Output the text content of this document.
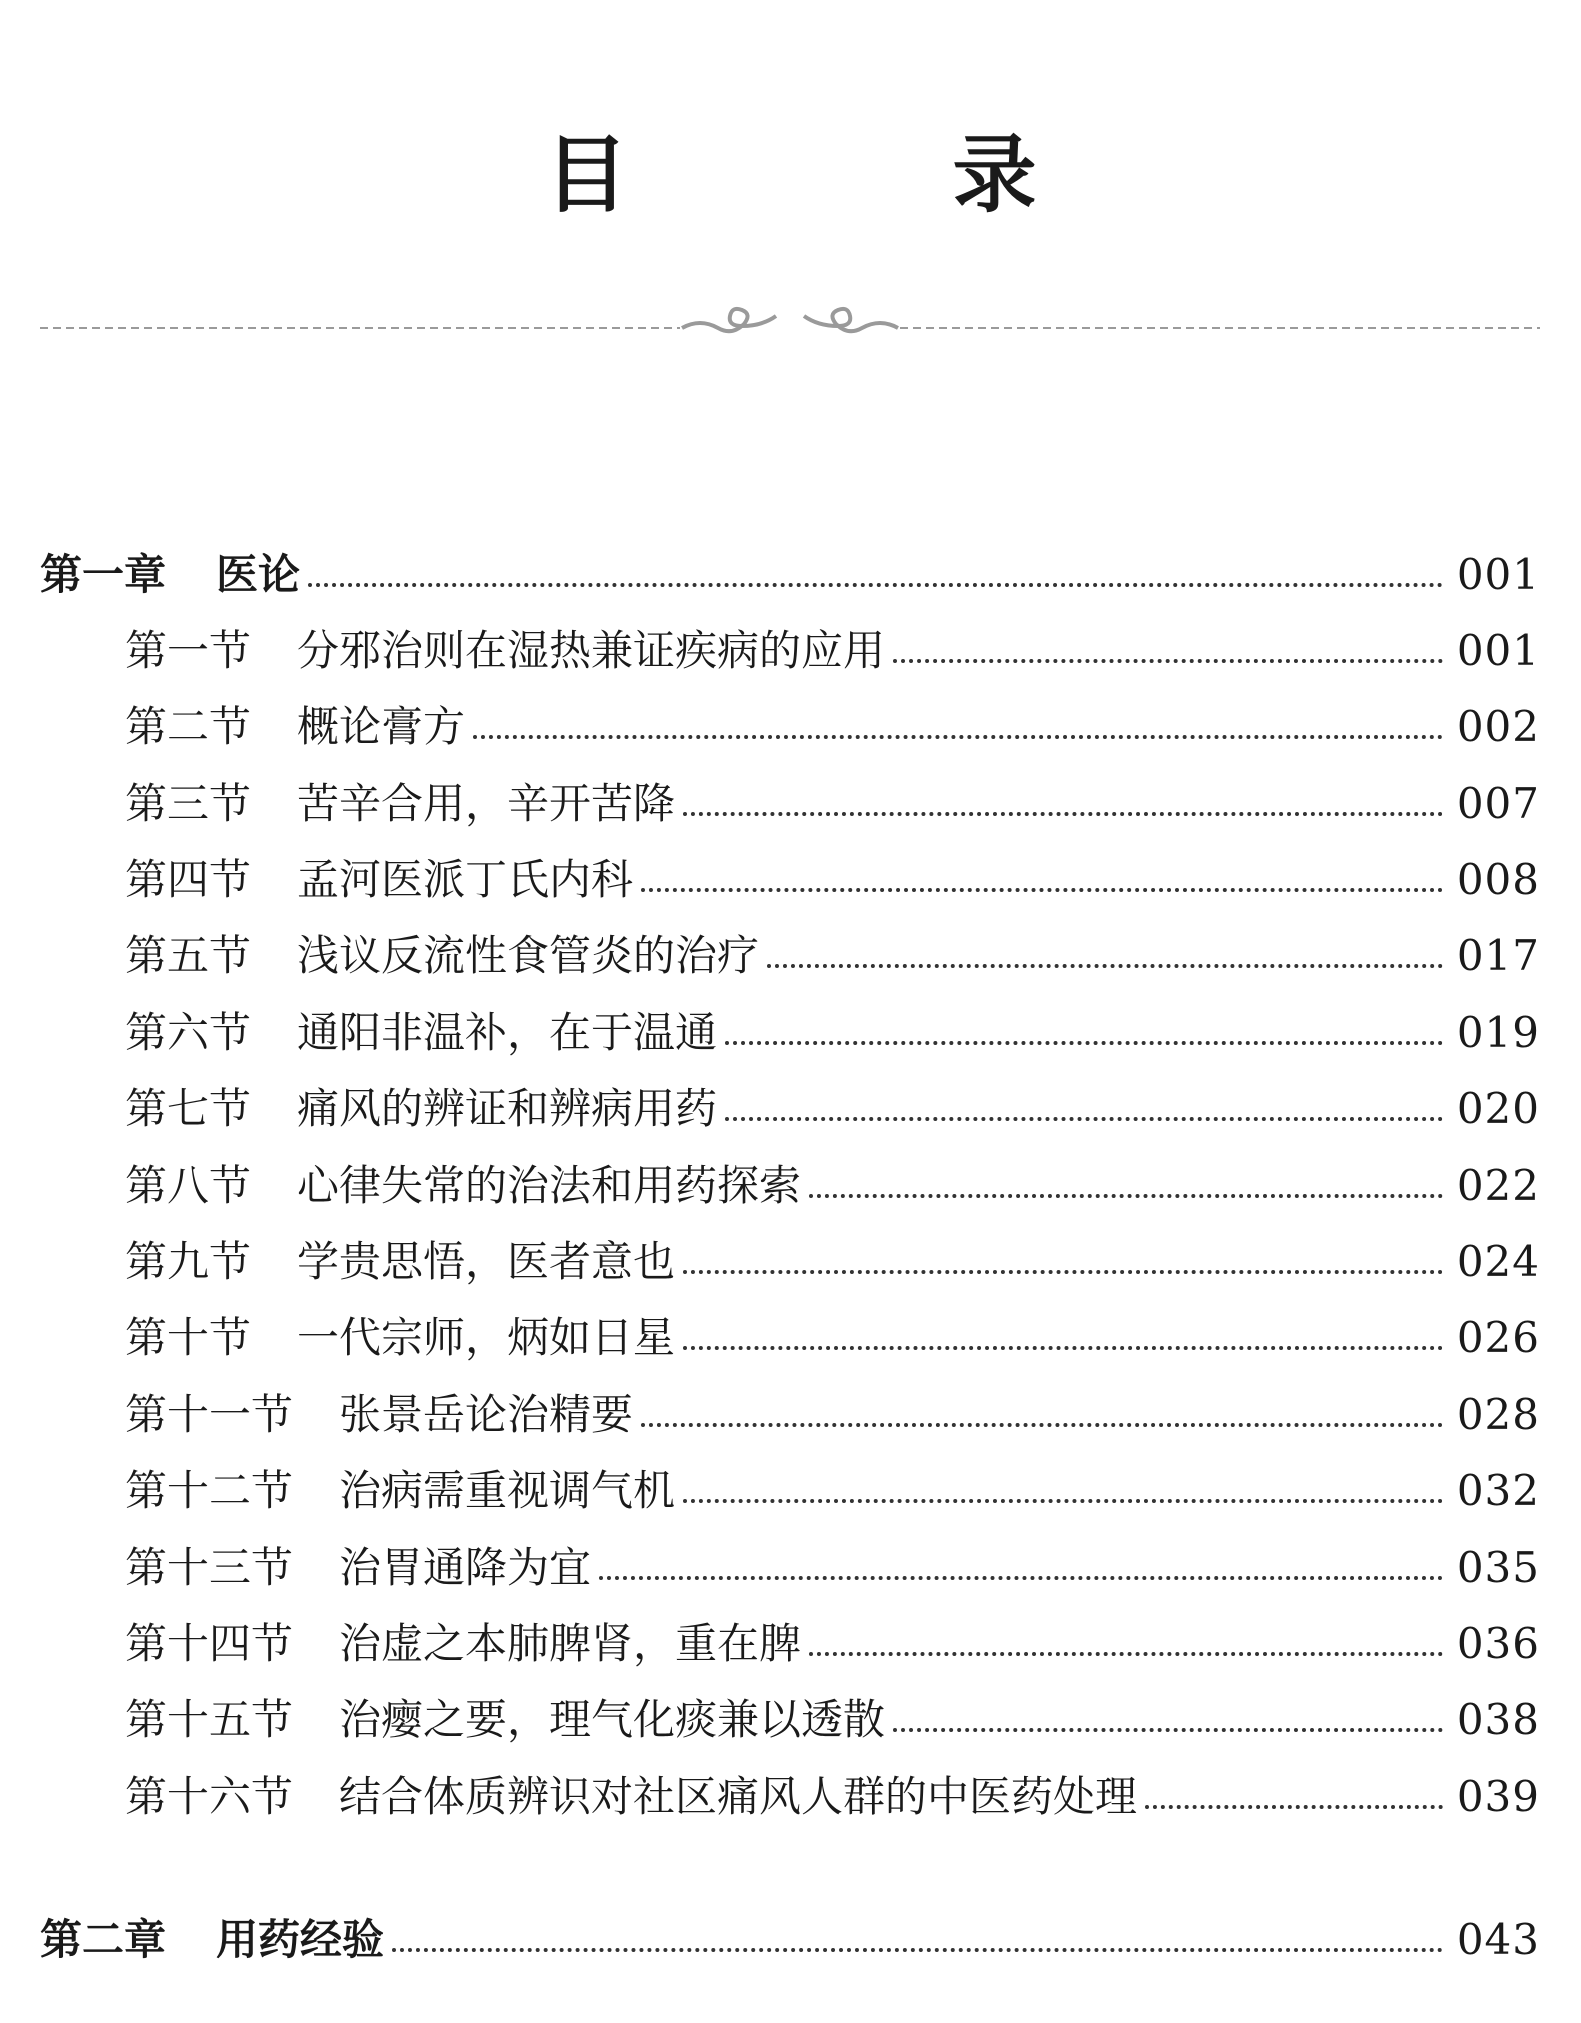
目　录
第一章 医论	001
第一节 分邪治则在湿热兼证疾病的应用	001
第二节 概论膏方	002
第三节 苦辛合用，辛开苦降	007
第四节 孟河医派丁氏内科	008
第五节 浅议反流性食管炎的治疗	017
第六节 通阳非温补，在于温通	019
第七节 痛风的辨证和辨病用药	020
第八节 心律失常的治法和用药探索	022
第九节 学贵思悟，医者意也	024
第十节 一代宗师，炳如日星	026
第十一节 张景岳论治精要	028
第十二节 治病需重视调气机	032
第十三节 治胃通降为宜	035
第十四节 治虚之本肺脾肾，重在脾	036
第十五节 治瘿之要，理气化痰兼以透散	038
第十六节 结合体质辨识对社区痛风人群的中医药处理	039
第二章 用药经验	043
